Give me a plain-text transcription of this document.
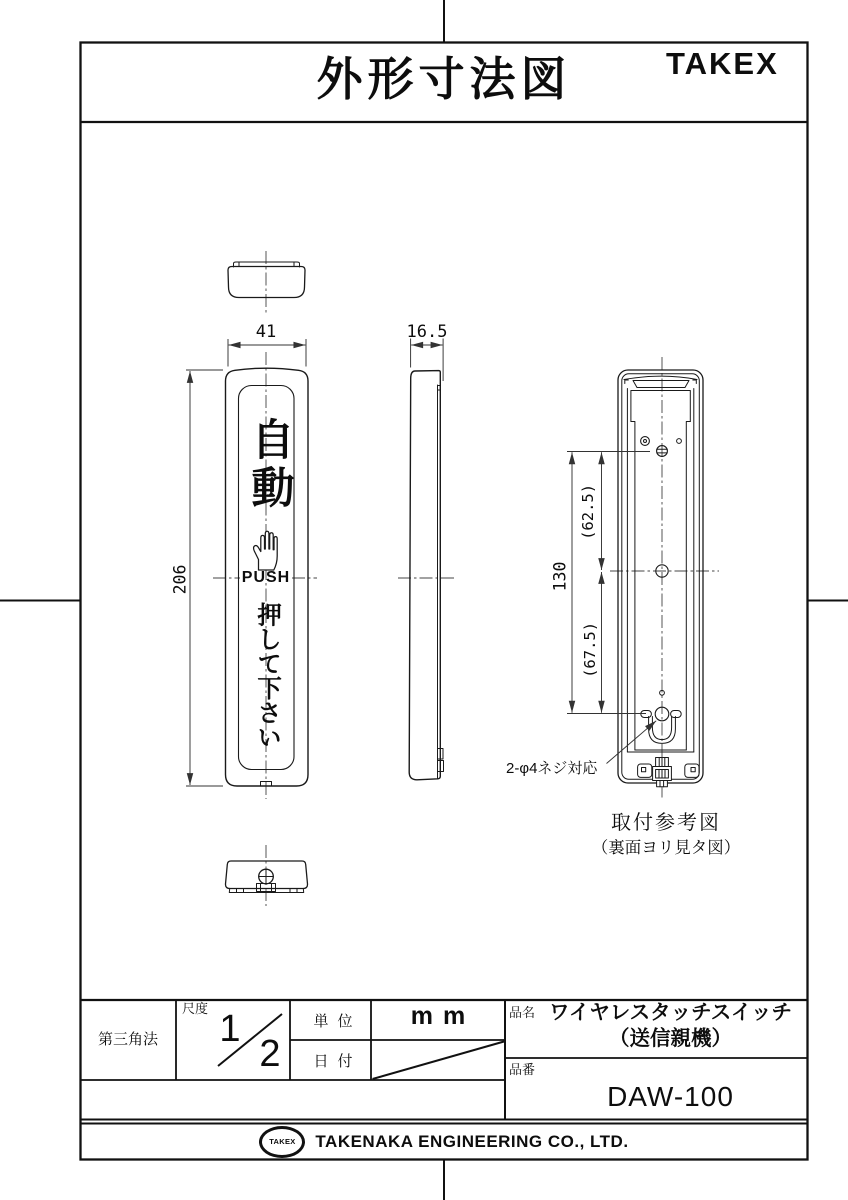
外形寸法図	TAKEX
41	16.5
206	130
(62.5)
(67.5)
自動
PUSH
押して下さい
2-φ4ネジ対応
取付参考図
（裏面ヨリ見タ図）
第三角法
尺度 1
2
単位	mm
日付
品名 ワイヤレスタッチスイッチ
（送信親機）
品番
DAW-100
TAKEX TAKENAKA ENGINEERING CO., LTD.
